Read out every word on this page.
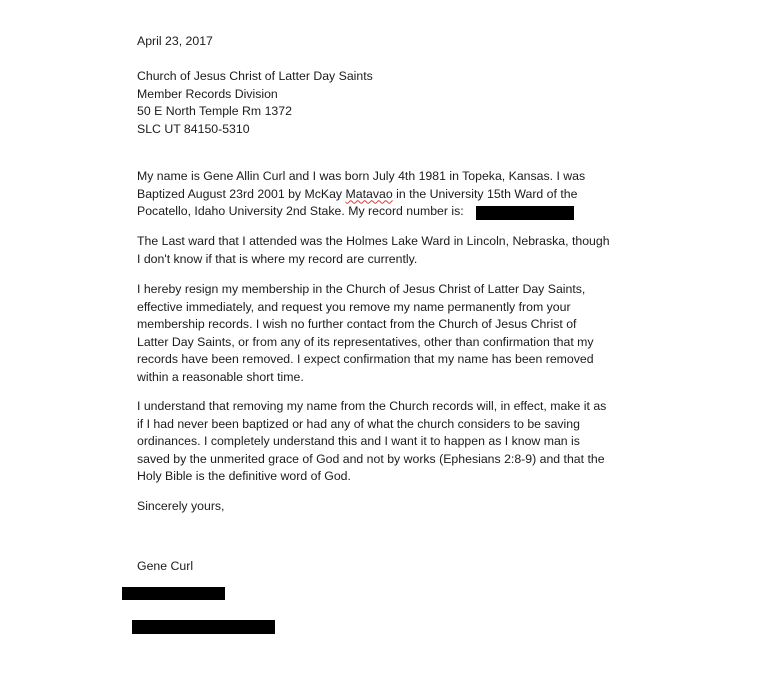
April 23, 2017
Church of Jesus Christ of Latter Day Saints
Member Records Division
50 E North Temple Rm 1372
SLC UT 84150-5310
My name is Gene Allin Curl and I was born July 4th 1981 in Topeka, Kansas. I was
Baptized August 23rd 2001 by McKay Matavao in the University 15th Ward of the
Pocatello, Idaho University 2nd Stake. My record number is:
The Last ward that I attended was the Holmes Lake Ward in Lincoln, Nebraska, though
I don't know if that is where my record are currently.
I hereby resign my membership in the Church of Jesus Christ of Latter Day Saints,
effective immediately, and request you remove my name permanently from your
membership records. I wish no further contact from the Church of Jesus Christ of
Latter Day Saints, or from any of its representatives, other than confirmation that my
records have been removed. I expect confirmation that my name has been removed
within a reasonable short time.
I understand that removing my name from the Church records will, in effect, make it as
if I had never been baptized or had any of what the church considers to be saving
ordinances. I completely understand this and I want it to happen as I know man is
saved by the unmerited grace of God and not by works (Ephesians 2:8-9) and that the
Holy Bible is the definitive word of God.
Sincerely yours,
Gene Curl
